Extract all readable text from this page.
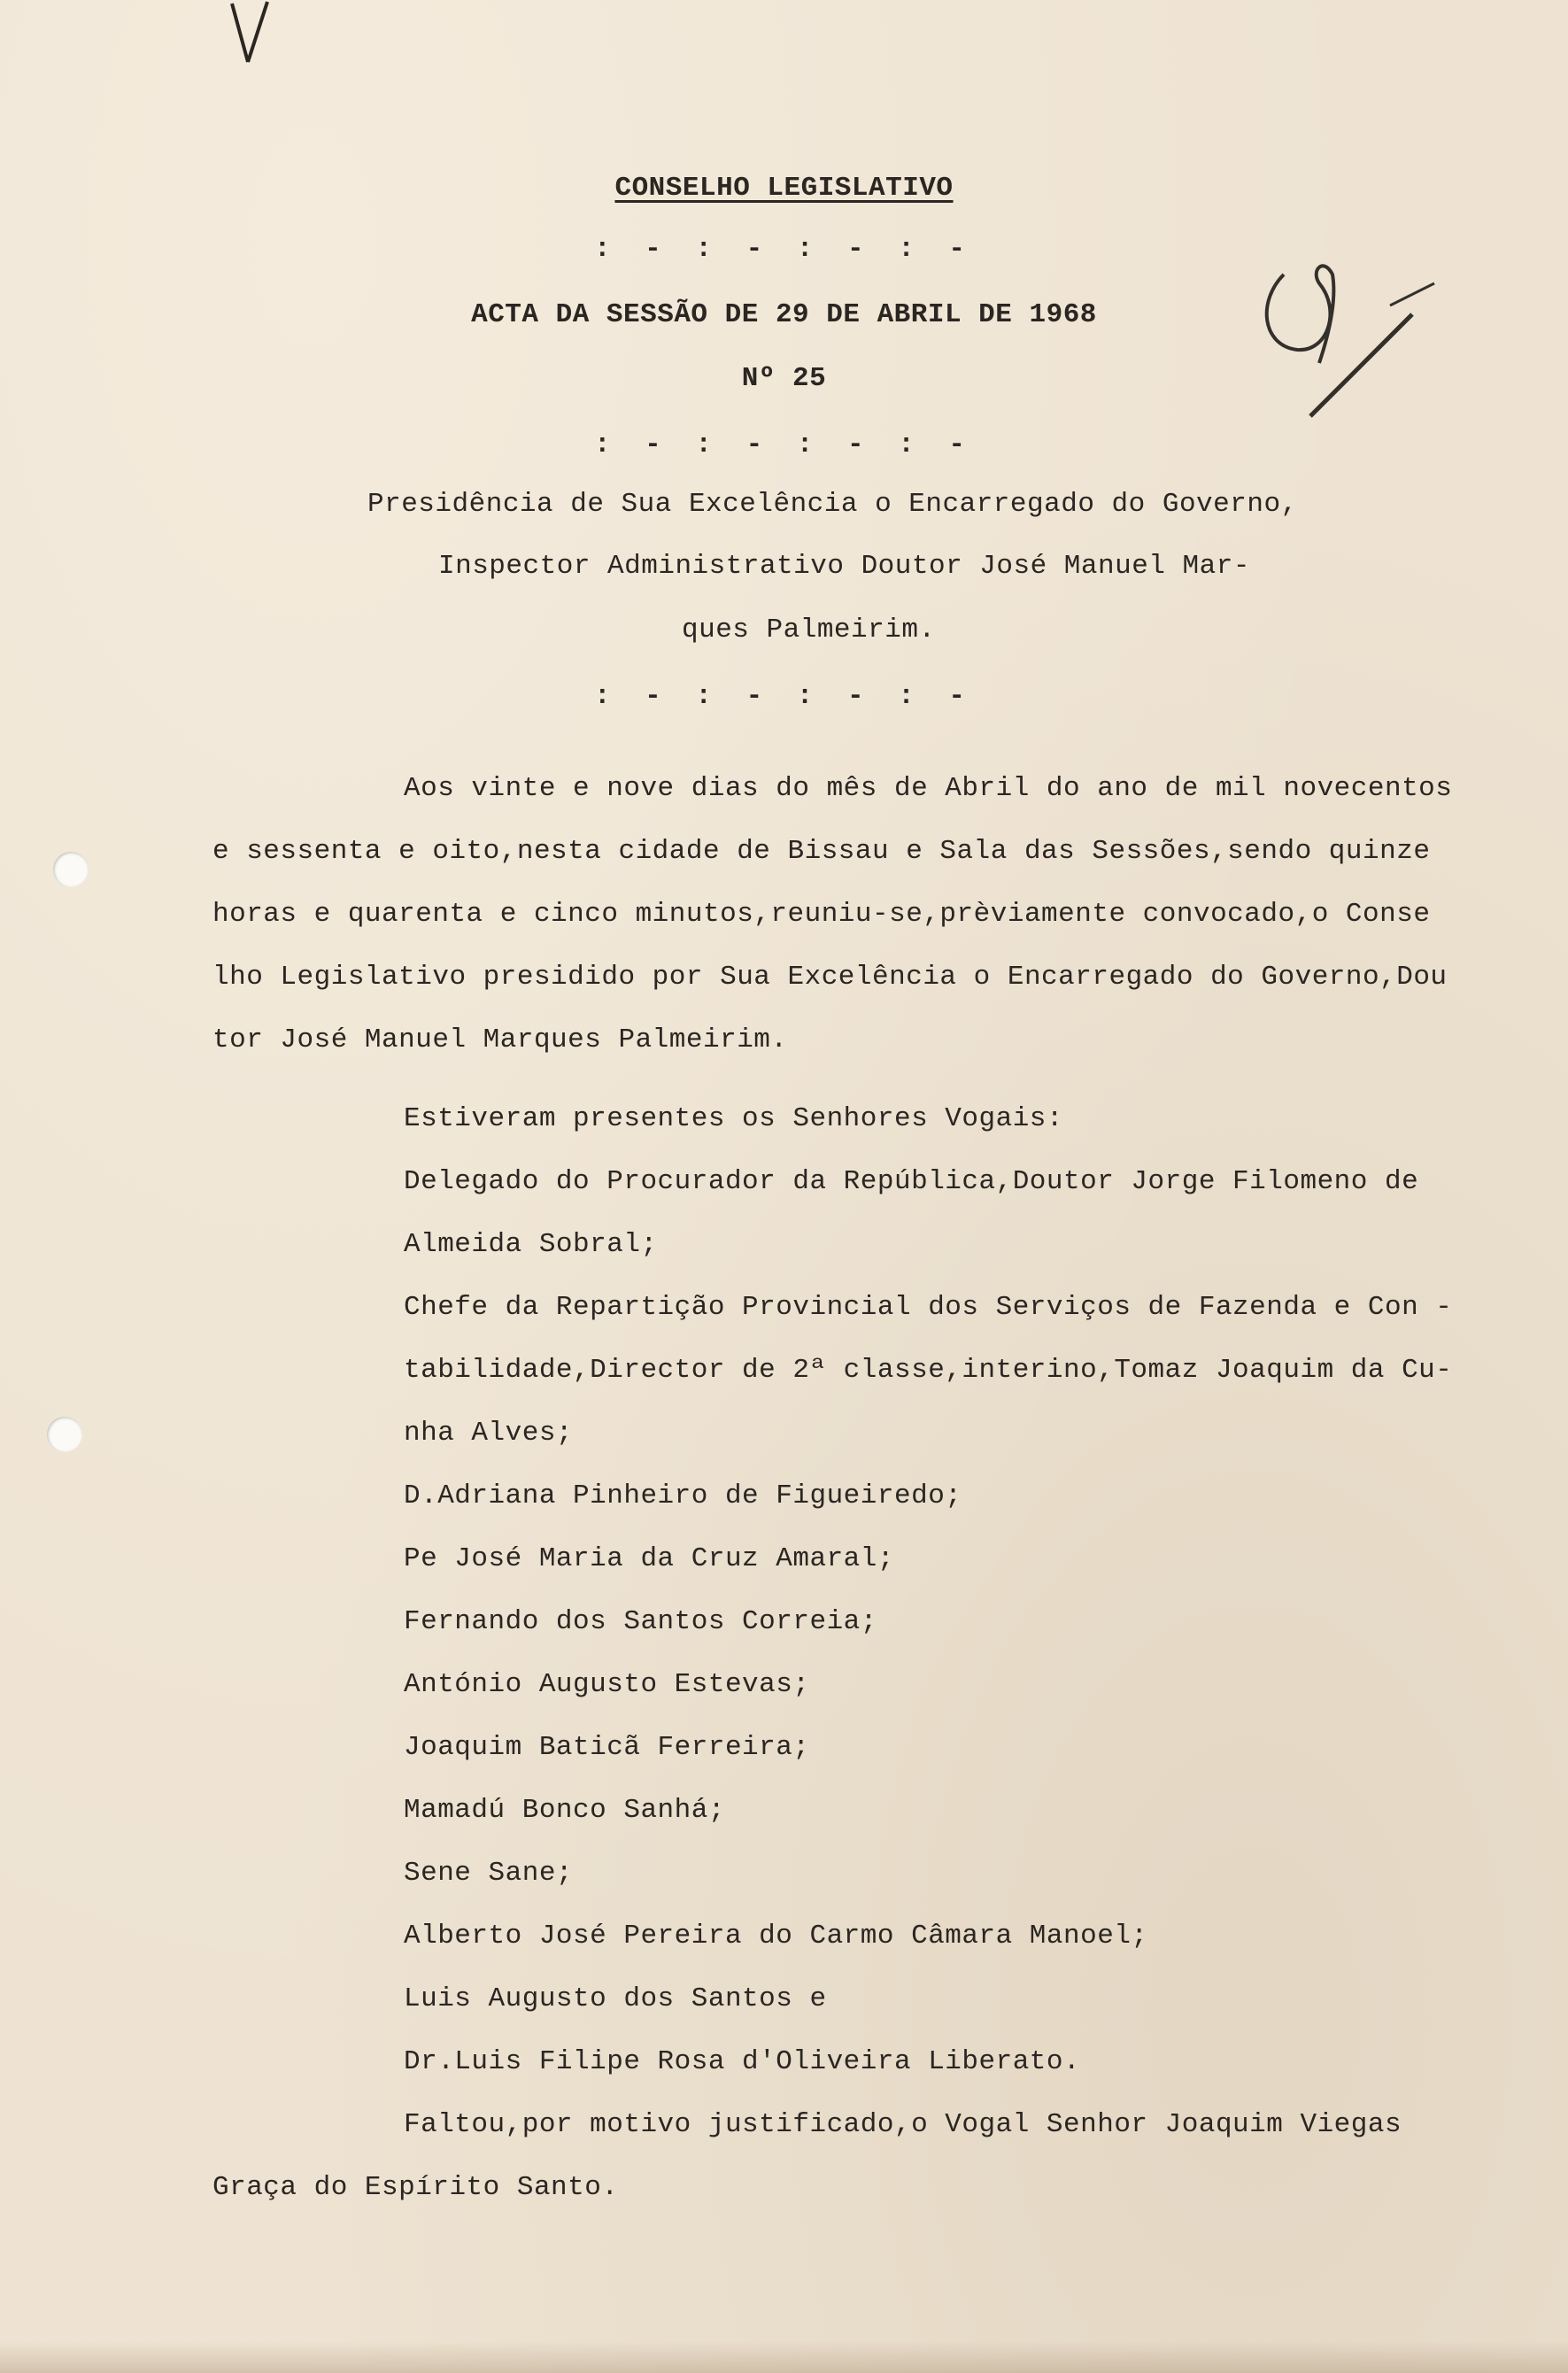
CONSELHO LEGISLATIVO
: - : - : - : -
ACTA DA SESSÃO DE 29 DE ABRIL DE 1968
Nº 25
: - : - : - : -
Presidência de Sua Excelência o Encarregado do Governo,
Inspector Administrativo Doutor José Manuel Mar-
ques Palmeirim.
: - : - : - : -
Aos vinte e nove dias do mês de Abril do ano de mil novecentos
e sessenta e oito,nesta cidade de Bissau e Sala das Sessões,sendo quinze
horas e quarenta e cinco minutos,reuniu-se,prèviamente convocado,o Conse
lho Legislativo presidido por Sua Excelência o Encarregado do Governo,Dou
tor José Manuel Marques Palmeirim.
Estiveram presentes os Senhores Vogais:
Delegado do Procurador da República,Doutor Jorge Filomeno de
Almeida Sobral;
Chefe da Repartição Provincial dos Serviços de Fazenda e Con -
tabilidade,Director de 2ª classe,interino,Tomaz Joaquim da Cu-
nha Alves;
D.Adriana Pinheiro de Figueiredo;
Pe José Maria da Cruz Amaral;
Fernando dos Santos Correia;
António Augusto Estevas;
Joaquim Baticã Ferreira;
Mamadú Bonco Sanhá;
Sene Sane;
Alberto José Pereira do Carmo Câmara Manoel;
Luis Augusto dos Santos e
Dr.Luis Filipe Rosa d'Oliveira Liberato.
Faltou,por motivo justificado,o Vogal Senhor Joaquim Viegas
Graça do Espírito Santo.
